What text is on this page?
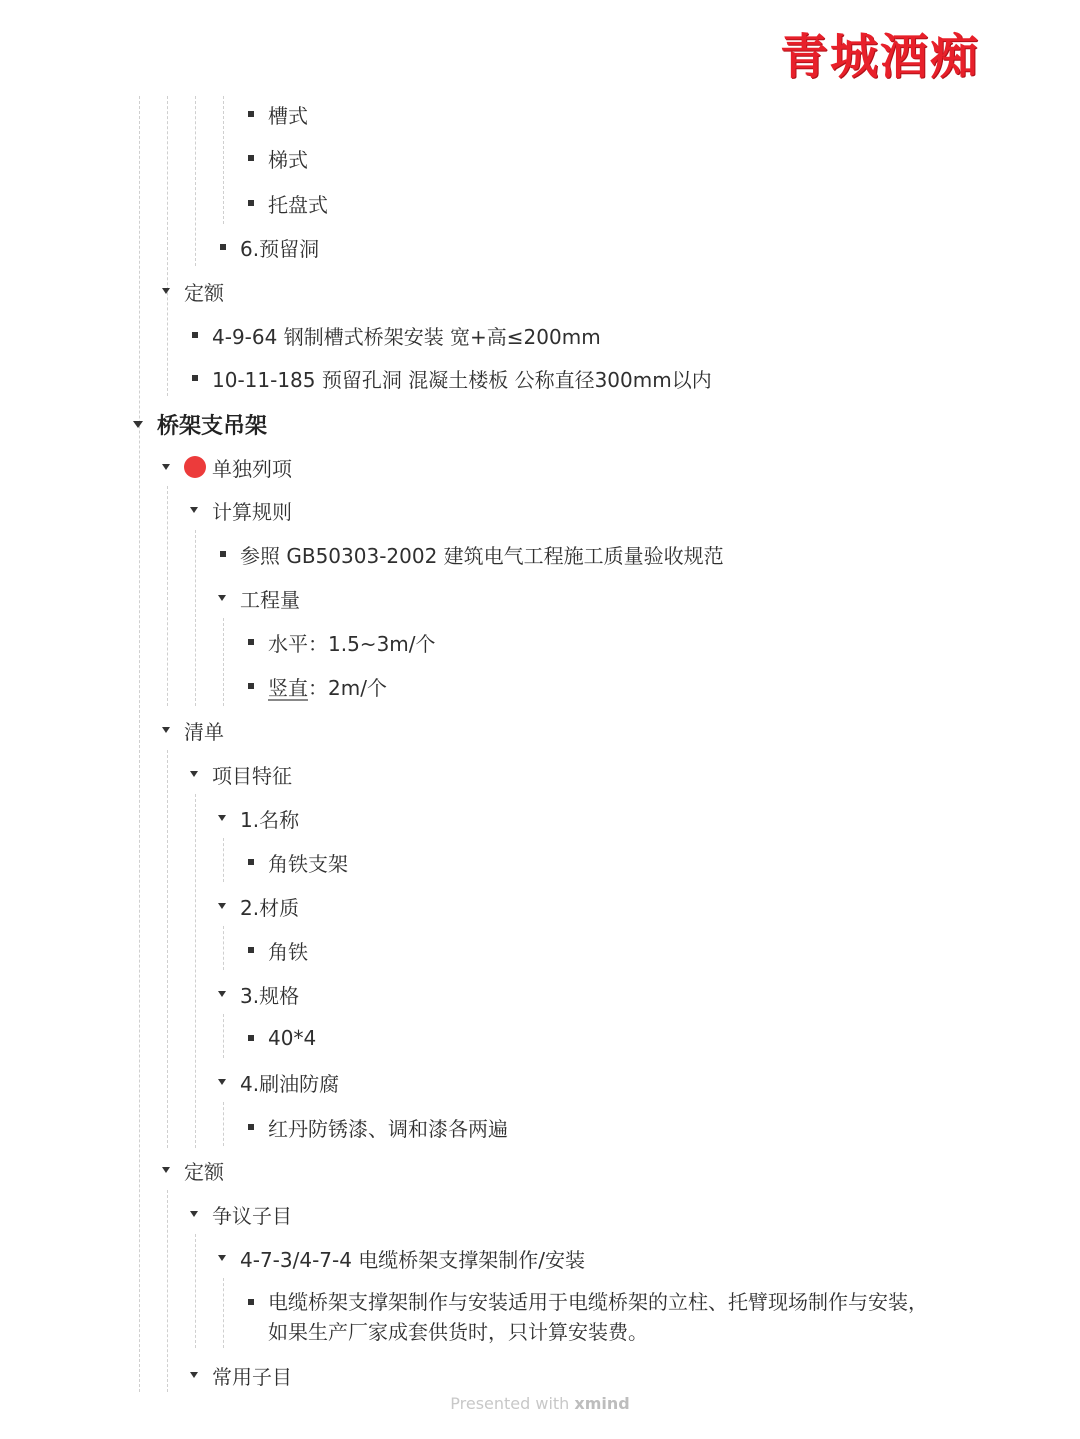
青城酒痴
槽式
梯式
托盘式
6.预留洞
定额
4-9-64 钢制槽式桥架安装 宽+高≤200mm
10-11-185 预留孔洞 混凝土楼板 公称直径300mm以内
桥架支吊架
单独列项
计算规则
参照 GB50303-2002 建筑电气工程施工质量验收规范
工程量
水平 ：1.5~3m/个
竖直 ：2m/个
清单
项目特征
1.名称
角铁支架
2.材质
角铁
3.规格
40*4
4.刷油防腐
红丹防锈漆、调和漆各两遍
定额
争议子目
4-7-3/4-7-4 电缆桥架支撑架制作/安装
电缆桥架支撑架制作与安装适用于电缆桥架的立柱、托臂现场制作与安装，如果生产厂家成套供货时，只计算安装费。
常用子目
Presented with xmind
